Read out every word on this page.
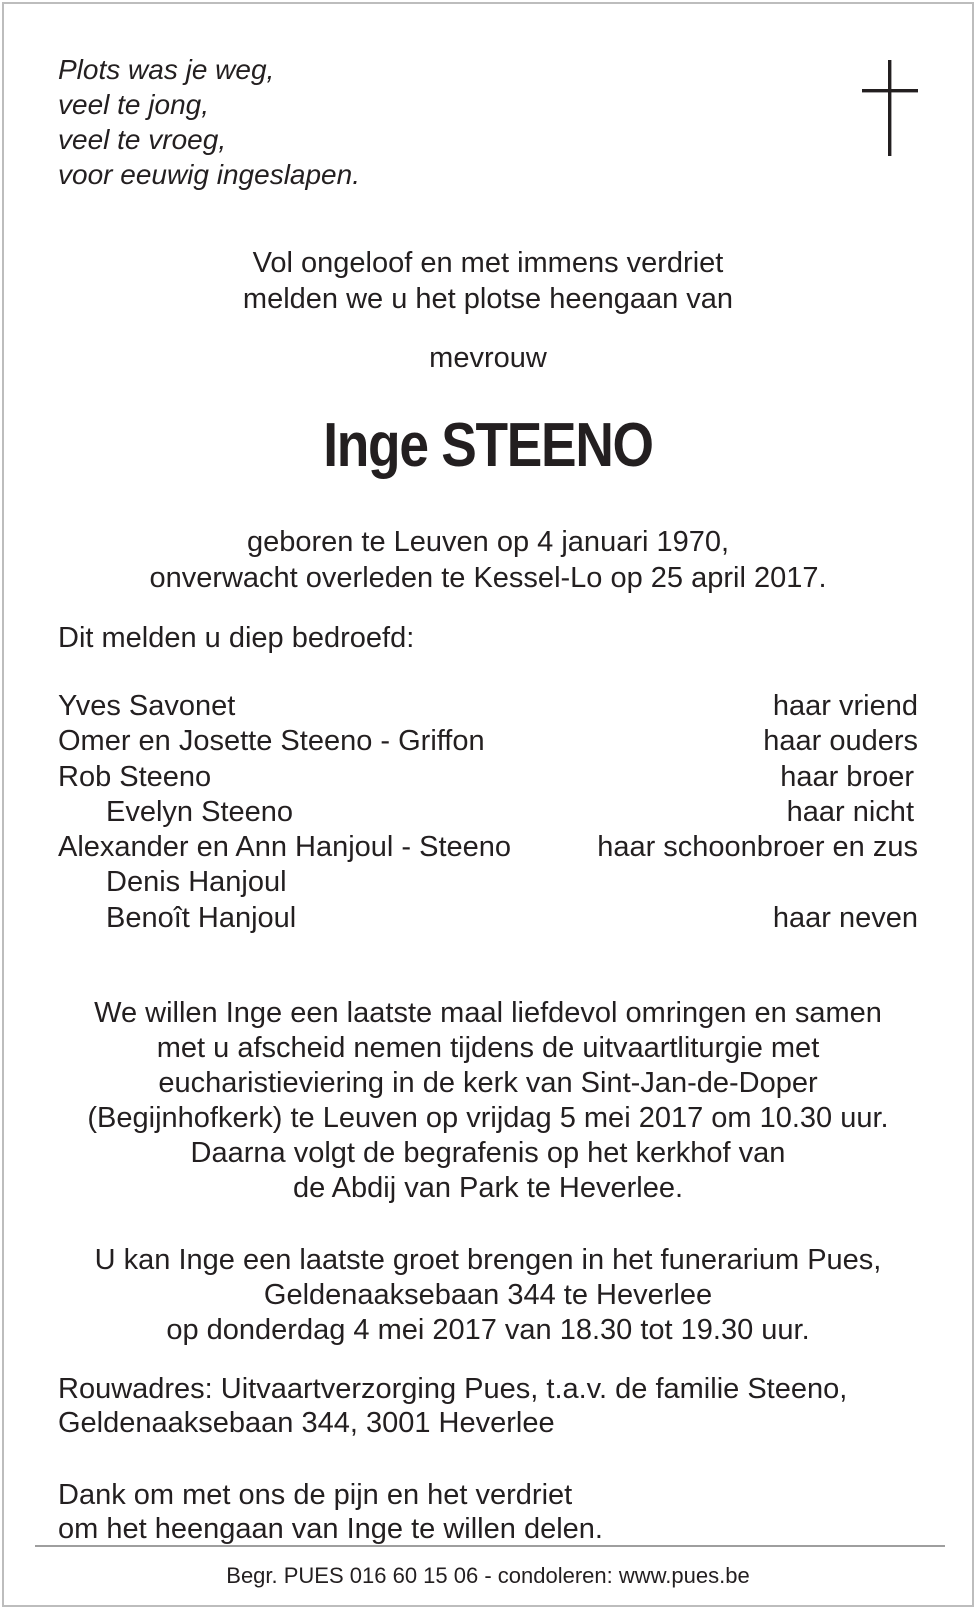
Plots was je weg,
veel te jong,
veel te vroeg,
voor eeuwig ingeslapen.
Vol ongeloof en met immens verdriet
melden we u het plotse heengaan van
mevrouw
Inge STEENO
geboren te Leuven op 4 januari 1970,
onverwacht overleden te Kessel-Lo op 25 april 2017.
Dit melden u diep bedroefd:
Yves Savonet	haar vriend
Omer en Josette Steeno - Griffon	haar ouders
Rob Steeno	haar broer
Evelyn Steeno	haar nicht
Alexander en Ann Hanjoul - Steeno	haar schoonbroer en zus
Denis Hanjoul
Benoît Hanjoul	haar neven
We willen Inge een laatste maal liefdevol omringen en samen
met u afscheid nemen tijdens de uitvaartliturgie met
eucharistieviering in de kerk van Sint-Jan-de-Doper
(Begijnhofkerk) te Leuven op vrijdag 5 mei 2017 om 10.30 uur.
Daarna volgt de begrafenis op het kerkhof van
de Abdij van Park te Heverlee.
U kan Inge een laatste groet brengen in het funerarium Pues,
Geldenaaksebaan 344 te Heverlee
op donderdag 4 mei 2017 van 18.30 tot 19.30 uur.
Rouwadres: Uitvaartverzorging Pues, t.a.v. de familie Steeno,
Geldenaaksebaan 344, 3001 Heverlee
Dank om met ons de pijn en het verdriet
om het heengaan van Inge te willen delen.
Begr. PUES 016 60 15 06 - condoleren: www.pues.be
